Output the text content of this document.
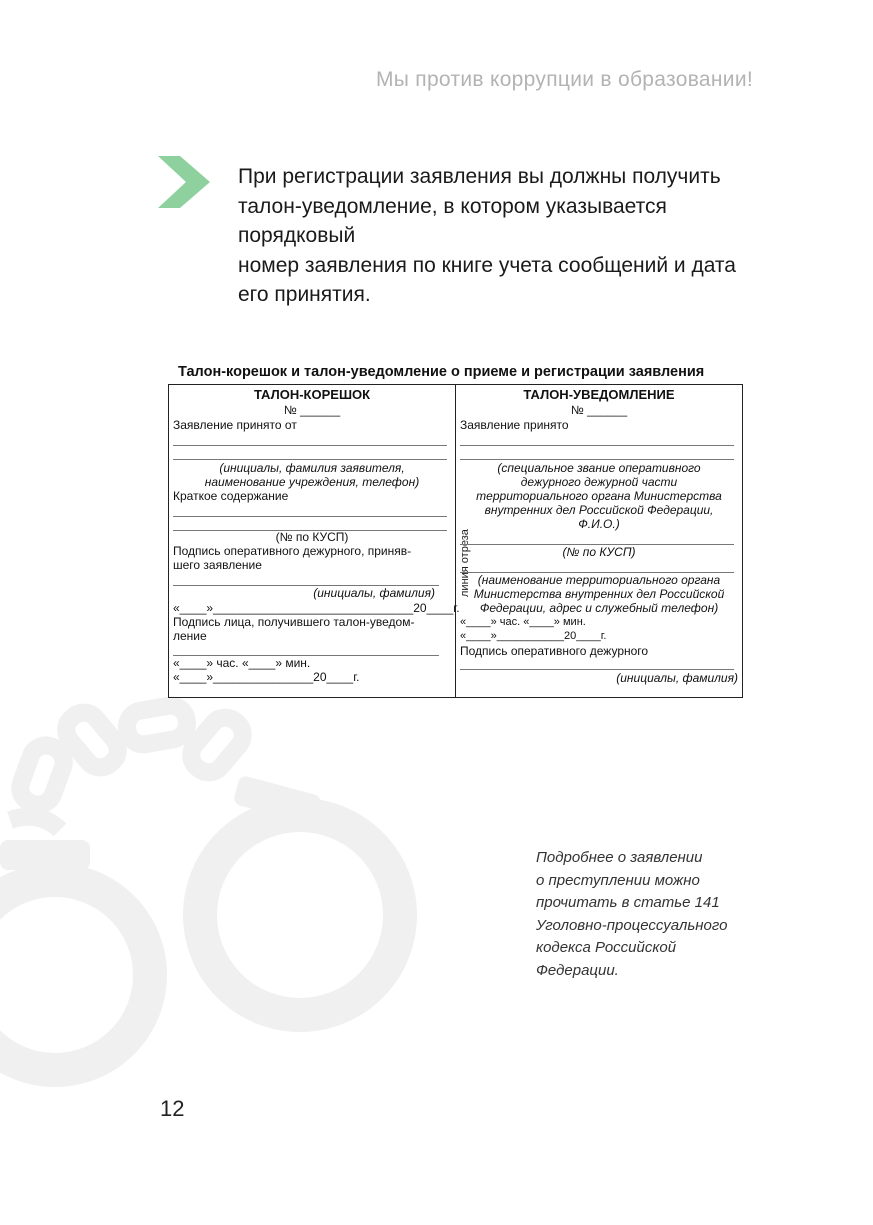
Мы против коррупции в образовании!
При регистрации заявления вы должны получить
талон-уведомление, в котором указывается порядковый
номер заявления по книге учета сообщений и дата
его принятия.
Талон-корешок и талон-уведомление о приеме и регистрации заявления
ТАЛОН-КОРЕШОК
№ ______
Заявление принято от
(инициалы, фамилия заявителя,
наименование учреждения, телефон)
Краткое содержание
(№ по КУСП)
Подпись оперативного дежурного, приняв-
шего заявление
(инициалы, фамилия)
«____»______________________________20____г.
Подпись лица, получившего талон-уведом-
ление
«____» час. «____» мин.
«____»_______________20____г.
линия отреза
ТАЛОН-УВЕДОМЛЕНИЕ
№ ______
Заявление принято
(специальное звание оперативного
дежурного дежурной части
территориального органа Министерства
внутренних дел Российской Федерации,
Ф.И.О.)
(№ по КУСП)
(наименование территориального органа
Министерства внутренних дел Российской
Федерации, адрес и служебный телефон)
«____» час. «____» мин.
«____»___________20____г.
Подпись оперативного дежурного
(инициалы, фамилия)
Подробнее о заявлении
о преступлении можно
прочитать в статье 141
Уголовно-процессуального
кодекса Российской
Федерации.
12
